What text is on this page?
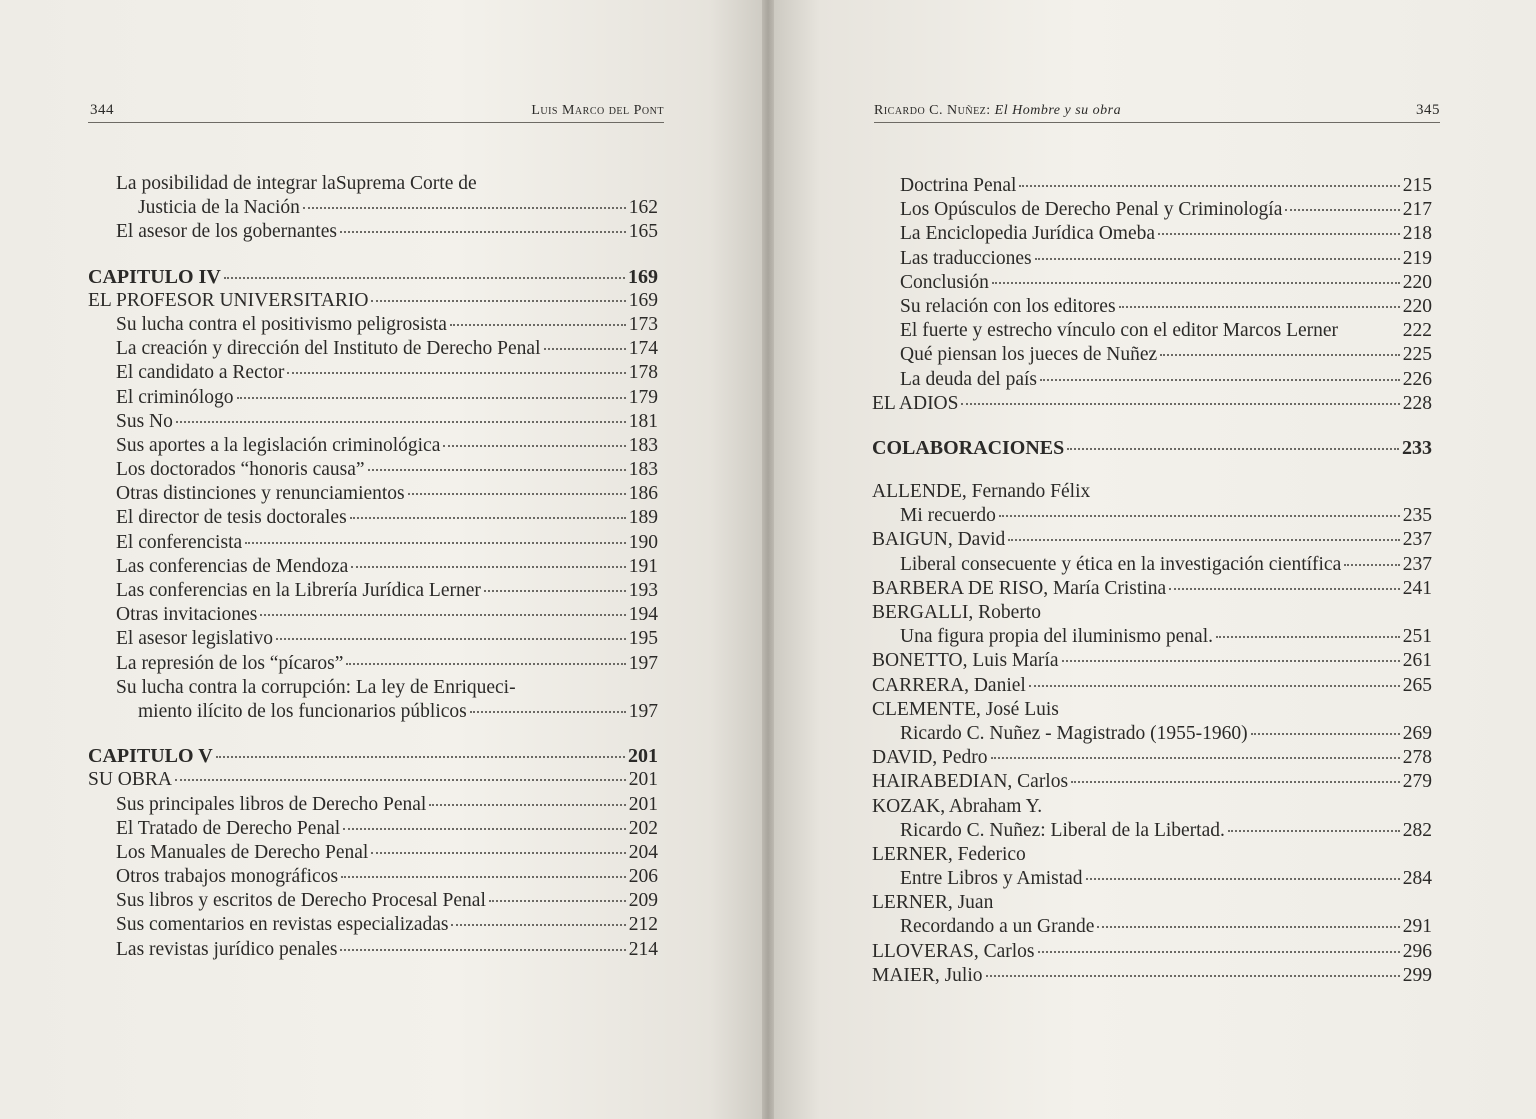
344	Luis Marco del Pont
La posibilidad de integrar laSuprema Corte de
Justicia de la Nación	162
El asesor de los gobernantes	165
CAPITULO IV	169
EL PROFESOR UNIVERSITARIO	169
Su lucha contra el positivismo peligrosista	173
La creación y dirección del Instituto de Derecho Penal	174
El candidato a Rector	178
El criminólogo	179
Sus No	181
Sus aportes a la legislación criminológica	183
Los doctorados “honoris causa”	183
Otras distinciones y renunciamientos	186
El director de tesis doctorales	189
El conferencista	190
Las conferencias de Mendoza	191
Las conferencias en la Librería Jurídica Lerner	193
Otras invitaciones	194
El asesor legislativo	195
La represión de los “pícaros”	197
Su lucha contra la corrupción: La ley de Enriqueci-
miento ilícito de los funcionarios públicos	197
CAPITULO V	201
SU OBRA	201
Sus principales libros de Derecho Penal	201
El Tratado de Derecho Penal	202
Los Manuales de Derecho Penal	204
Otros trabajos monográficos	206
Sus libros y escritos de Derecho Procesal Penal	209
Sus comentarios en revistas especializadas	212
Las revistas jurídico penales	214
Ricardo C. Nuñez: El Hombre y su obra	345
Doctrina Penal	215
Los Opúsculos de Derecho Penal y Criminología	217
La Enciclopedia Jurídica Omeba	218
Las traducciones	219
Conclusión	220
Su relación con los editores	220
El fuerte y estrecho vínculo con el editor Marcos Lerner	222
Qué piensan los jueces de Nuñez	225
La deuda del país	226
EL ADIOS	228
COLABORACIONES	233
ALLENDE, Fernando Félix
Mi recuerdo	235
BAIGUN, David	237
Liberal consecuente y ética en la investigación científica	237
BARBERA DE RISO, María Cristina	241
BERGALLI, Roberto
Una figura propia del iluminismo penal.	251
BONETTO, Luis María	261
CARRERA, Daniel	265
CLEMENTE, José Luis
Ricardo C. Nuñez - Magistrado (1955-1960)	269
DAVID, Pedro	278
HAIRABEDIAN, Carlos	279
KOZAK, Abraham Y.
Ricardo C. Nuñez: Liberal de la Libertad.	282
LERNER, Federico
Entre Libros y Amistad	284
LERNER, Juan
Recordando a un Grande	291
LLOVERAS, Carlos	296
MAIER, Julio	299
